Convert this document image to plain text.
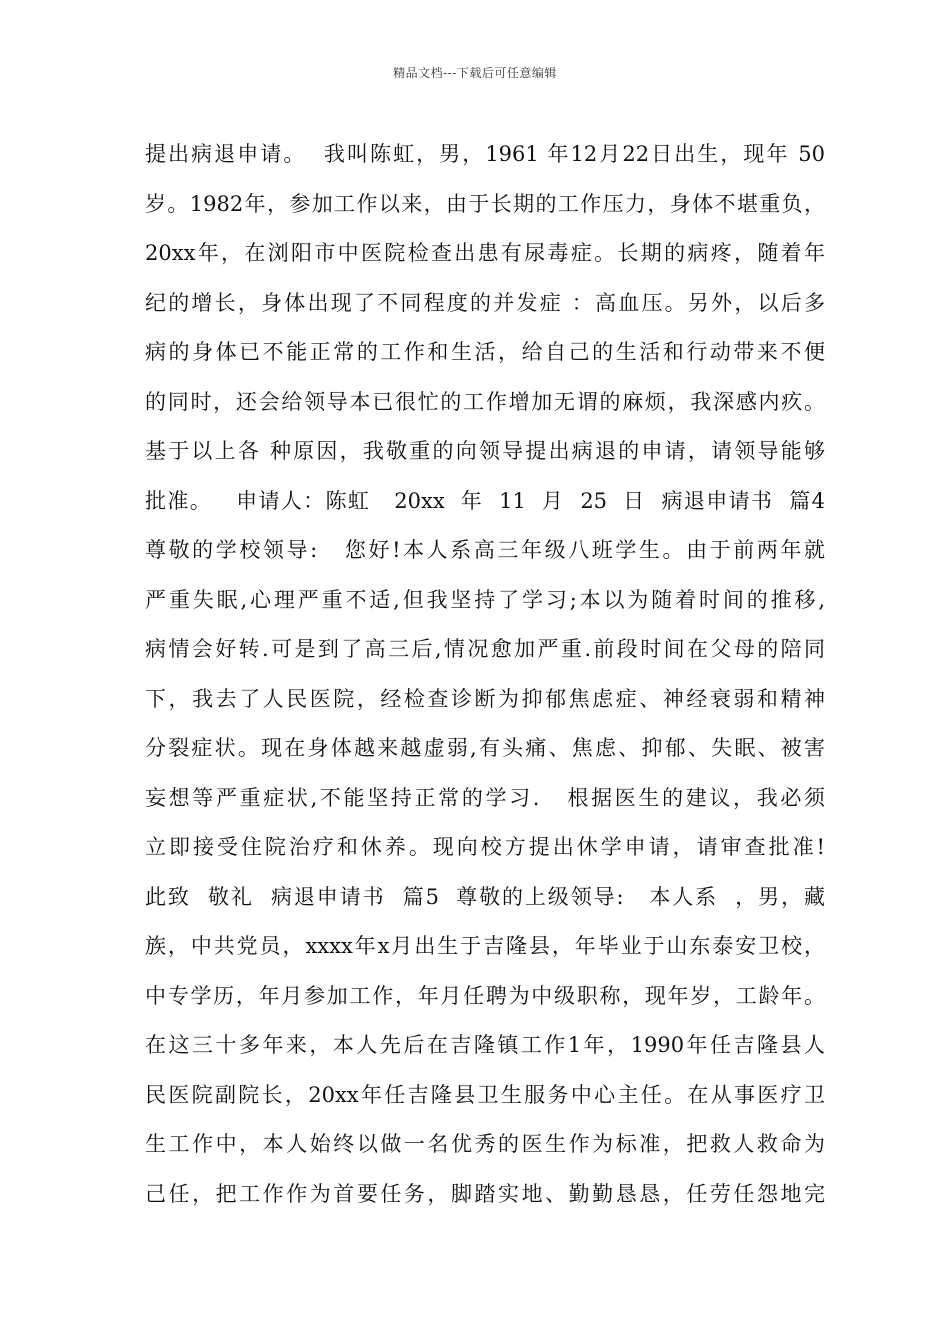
精品文档---下载后可任意编辑
提出病退申请。  我叫陈虹，男，1961 年12月22日出生，现年 50
岁。1982年，参加工作以来，由于长期的工作压力，身体不堪重负，
20xx年，在浏阳市中医院检查出患有尿毒症。长期的病疼，随着年
纪的增长，身体出现了不同程度的并发症 ：高血压。另外，以后多
病的身体已不能正常的工作和生活，给自己的生活和行动带来不便
的同时，还会给领导本已很忙的工作增加无谓的麻烦，我深感内疚。
基于以上各 种原因，我敬重的向领导提出病退的申请，请领导能够
批准。   申请人：陈虹   20xx  年  11  月  25  日  病退申请书  篇4
尊敬的学校领导:   您好!本人系高三年级八班学生。由于前两年就
严重失眠,心理严重不适,但我坚持了学习;本以为随着时间的推移,
病情会好转.可是到了高三后,情况愈加严重.前段时间在父母的陪同
下，我去了人民医院，经检查诊断为抑郁焦虑症、神经衰弱和精神
分裂症状。现在身体越来越虚弱,有头痛、焦虑、抑郁、失眠、被害
妄想等严重症状,不能坚持正常的学习.   根据医生的建议，我必须
立即接受住院治疗和休养。现向校方提出休学申请，请审查批准!
此致  敬礼  病退申请书  篇5  尊敬的上级领导:   本人系  ，男，藏
族，中共党员，xxxx年x月出生于吉隆县，年毕业于山东泰安卫校，
中专学历，年月参加工作，年月任聘为中级职称，现年岁，工龄年。
在这三十多年来，本人先后在吉隆镇工作1年，1990年任吉隆县人
民医院副院长，20xx年任吉隆县卫生服务中心主任。在从事医疗卫
生工作中，本人始终以做一名优秀的医生作为标准，把救人救命为
己任，把工作作为首要任务，脚踏实地、勤勤恳恳，任劳任怨地完
